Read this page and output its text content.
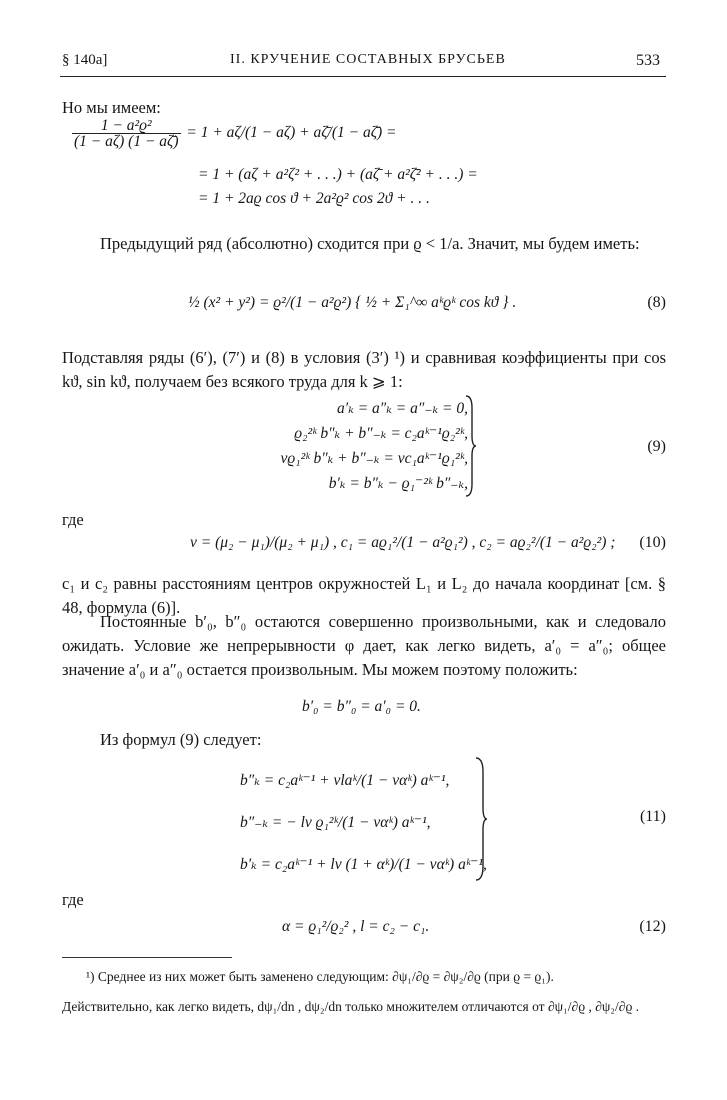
§ 140а]	II. КРУЧЕНИЕ СОСТАВНЫХ БРУСЬЕВ	533
Но мы имеем:
$\frac{\text{1 − a²ϱ²}}{(1 - a\zeta) (1 - a\zetā)} = 1 + a\zeta/(1 - a\zeta)$ + aζ̄/(1 − aζ̄) =
= 1 + (aζ + a²ζ² + . . .) + (aζ̄ + a²ζ̄² + . . .) =
= 1 + 2aϱ cos ϑ + 2a²ϱ² cos 2ϑ + . . .
Предыдущий ряд (абсолютно) сходится при ϱ < 1/a. Значит, мы будем иметь:
½ (x² + y²) = ϱ²/(1 − a²ϱ²) { ½ + Σ₁^∞ aᵏϱᵏ cos kϑ } .	(8)
Подставляя ряды (6′), (7′) и (8) в условия (3′) ¹) и сравнивая коэффициенты при cos kϑ, sin kϑ, получаем без всякого труда для k ⩾ 1:
a′ₖ = a″ₖ = a″₋ₖ = 0,
ϱ₂²ᵏ b″ₖ + b″₋ₖ = c₂aᵏ⁻¹ϱ₂²ᵏ,
νϱ₁²ᵏ b″ₖ + b″₋ₖ = νc₁aᵏ⁻¹ϱ₁²ᵏ,
b′ₖ = b″ₖ − ϱ₁⁻²ᵏ b″₋ₖ,
(9)
где
ν = (μ₂ − μ₁)/(μ₂ + μ₁) , c₁ = aϱ₁²/(1 − a²ϱ₁²) , c₂ = aϱ₂²/(1 − a²ϱ₂²) ;	(10)
c₁ и c₂ равны расстояниям центров окружностей L₁ и L₂ до начала координат [см. § 48, формула (6)].
Постоянные b′₀, b″₀ остаются совершенно произвольными, как и следовало ожидать. Условие же непрерывности φ дает, как легко видеть, a′₀ = a″₀; общее значение a′₀ и a″₀ остается произвольным. Мы можем поэтому положить:
b′₀ = b″₀ = a′₀ = 0.
Из формул (9) следует:
b″ₖ = c₂aᵏ⁻¹ + νlaᵏ/(1 − ναᵏ) aᵏ⁻¹,
b″₋ₖ = − lν ϱ₁²ᵏ/(1 − ναᵏ) aᵏ⁻¹,
b′ₖ = c₂aᵏ⁻¹ + lν (1 + αᵏ)/(1 − ναᵏ) aᵏ⁻¹,
(11)
где
α = ϱ₁²/ϱ₂² , l = c₂ − c₁.	(12)
¹) Среднее из них может быть заменено следующим: ∂ψ₁/∂ϱ = ∂ψ₂/∂ϱ (при ϱ = ϱ₁).
Действительно, как легко видеть, dψ₁/dn , dψ₂/dn только множителем отличаются от ∂ψ₁/∂ϱ , ∂ψ₂/∂ϱ .
